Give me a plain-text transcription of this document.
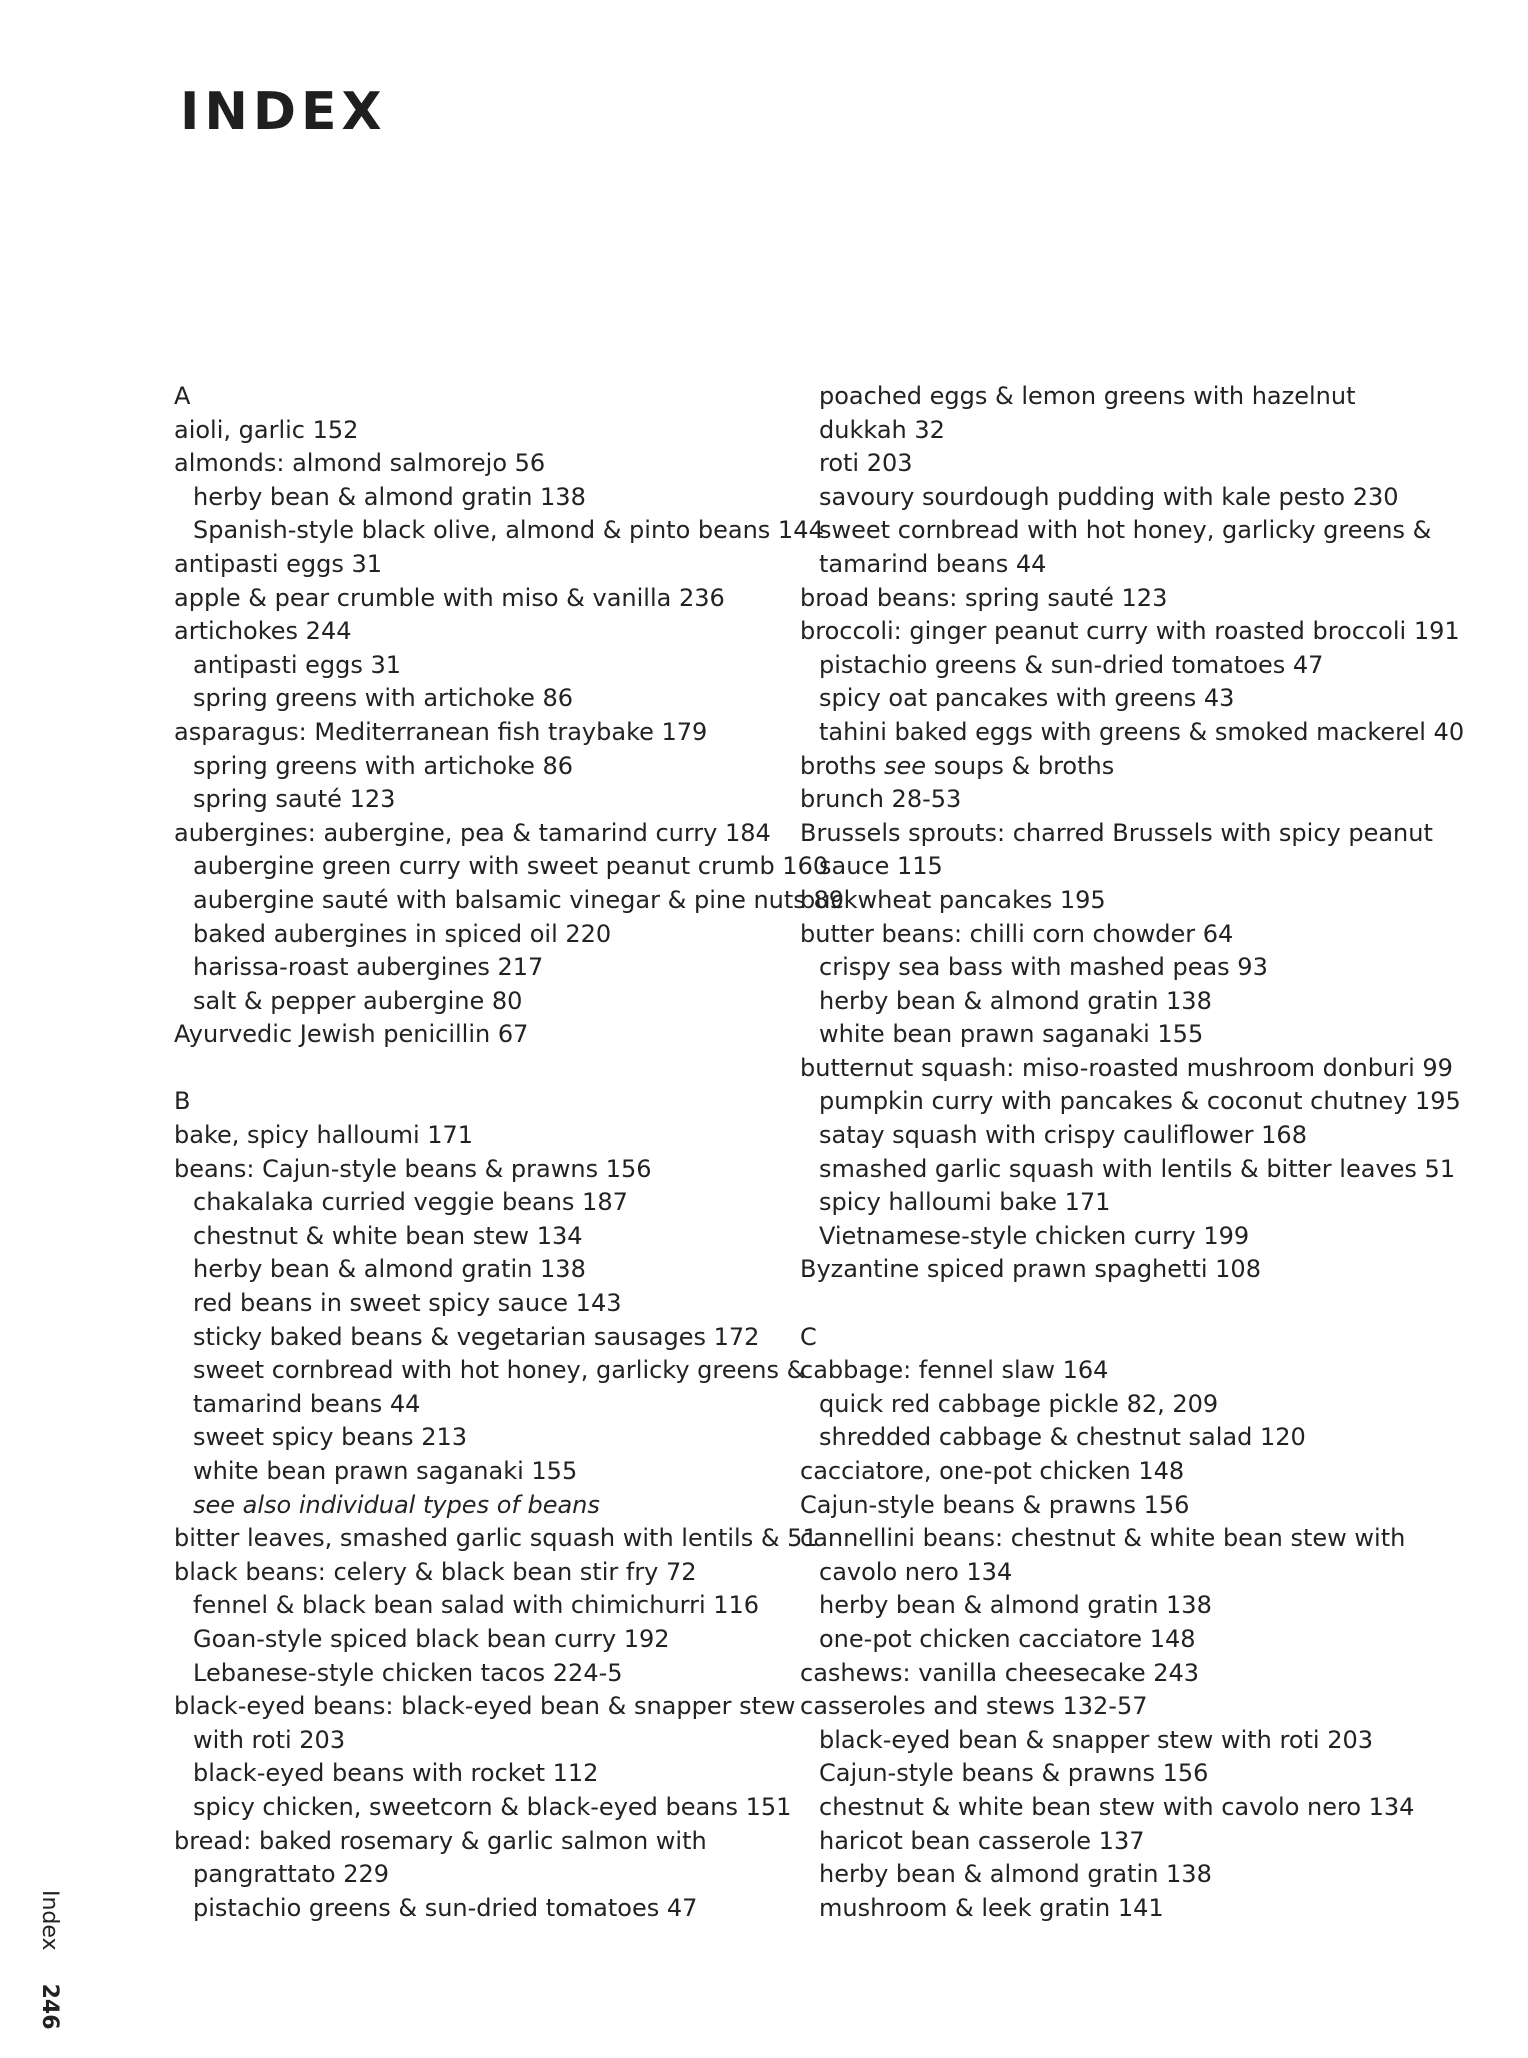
INDEX
A
aioli, garlic 152
almonds: almond salmorejo 56
herby bean & almond gratin 138
Spanish-style black olive, almond & pinto beans 144
antipasti eggs 31
apple & pear crumble with miso & vanilla 236
artichokes 244
antipasti eggs 31
spring greens with artichoke 86
asparagus: Mediterranean fish traybake 179
spring greens with artichoke 86
spring sauté 123
aubergines: aubergine, pea & tamarind curry 184
aubergine green curry with sweet peanut crumb 160
aubergine sauté with balsamic vinegar & pine nuts 89
baked aubergines in spiced oil 220
harissa-roast aubergines 217
salt & pepper aubergine 80
Ayurvedic Jewish penicillin 67
B
bake, spicy halloumi 171
beans: Cajun-style beans & prawns 156
chakalaka curried veggie beans 187
chestnut & white bean stew 134
herby bean & almond gratin 138
red beans in sweet spicy sauce 143
sticky baked beans & vegetarian sausages 172
sweet cornbread with hot honey, garlicky greens &
tamarind beans 44
sweet spicy beans 213
white bean prawn saganaki 155
see also individual types of beans
bitter leaves, smashed garlic squash with lentils & 51
black beans: celery & black bean stir fry 72
fennel & black bean salad with chimichurri 116
Goan-style spiced black bean curry 192
Lebanese-style chicken tacos 224-5
black-eyed beans: black-eyed bean & snapper stew
with roti 203
black-eyed beans with rocket 112
spicy chicken, sweetcorn & black-eyed beans 151
bread: baked rosemary & garlic salmon with
pangrattato 229
pistachio greens & sun-dried tomatoes 47
poached eggs & lemon greens with hazelnut
dukkah 32
roti 203
savoury sourdough pudding with kale pesto 230
sweet cornbread with hot honey, garlicky greens &
tamarind beans 44
broad beans: spring sauté 123
broccoli: ginger peanut curry with roasted broccoli 191
pistachio greens & sun-dried tomatoes 47
spicy oat pancakes with greens 43
tahini baked eggs with greens & smoked mackerel 40
broths see soups & broths
brunch 28-53
Brussels sprouts: charred Brussels with spicy peanut
sauce 115
buckwheat pancakes 195
butter beans: chilli corn chowder 64
crispy sea bass with mashed peas 93
herby bean & almond gratin 138
white bean prawn saganaki 155
butternut squash: miso-roasted mushroom donburi 99
pumpkin curry with pancakes & coconut chutney 195
satay squash with crispy cauliflower 168
smashed garlic squash with lentils & bitter leaves 51
spicy halloumi bake 171
Vietnamese-style chicken curry 199
Byzantine spiced prawn spaghetti 108
C
cabbage: fennel slaw 164
quick red cabbage pickle 82, 209
shredded cabbage & chestnut salad 120
cacciatore, one-pot chicken 148
Cajun-style beans & prawns 156
cannellini beans: chestnut & white bean stew with
cavolo nero 134
herby bean & almond gratin 138
one-pot chicken cacciatore 148
cashews: vanilla cheesecake 243
casseroles and stews 132-57
black-eyed bean & snapper stew with roti 203
Cajun-style beans & prawns 156
chestnut & white bean stew with cavolo nero 134
haricot bean casserole 137
herby bean & almond gratin 138
mushroom & leek gratin 141
Index 246
